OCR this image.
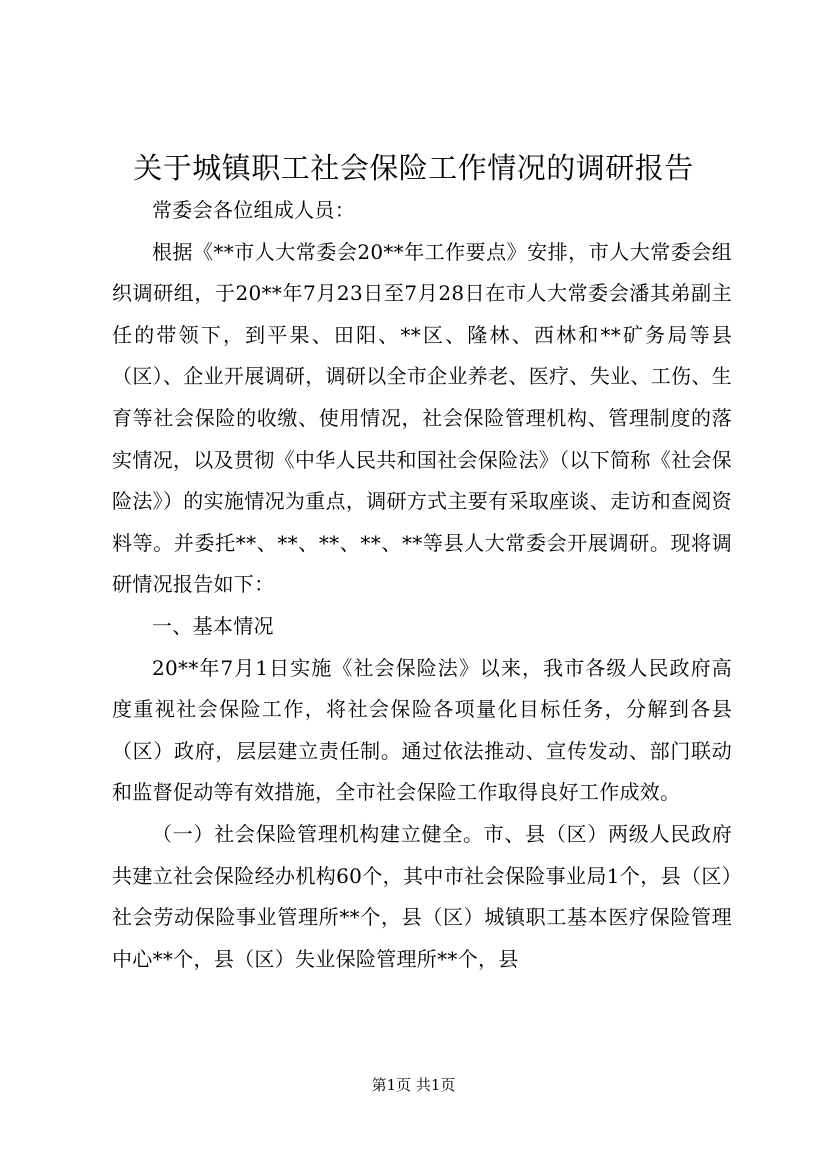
关于城镇职工社会保险工作情况的调研报告

常委会各位组成人员：

根据《**市人大常委会20**年工作要点》安排，市人大常委会组织调研组，于20**年7月23日至7月28日在市人大常委会潘其弟副主任的带领下，到平果、田阳、**区、隆林、西林和**矿务局等县（区）、企业开展调研，调研以全市企业养老、医疗、失业、工伤、生育等社会保险的收缴、使用情况，社会保险管理机构、管理制度的落实情况，以及贯彻《中华人民共和国社会保险法》（以下简称《社会保险法》）的实施情况为重点，调研方式主要有采取座谈、走访和查阅资料等。并委托**、**、**、**、**等县人大常委会开展调研。现将调研情况报告如下：

一、基本情况

20**年7月1日实施《社会保险法》以来，我市各级人民政府高度重视社会保险工作，将社会保险各项量化目标任务，分解到各县（区）政府，层层建立责任制。通过依法推动、宣传发动、部门联动和监督促动等有效措施，全市社会保险工作取得良好工作成效。

（一）社会保险管理机构建立健全。市、县（区）两级人民政府共建立社会保险经办机构60个，其中市社会保险事业局1个，县（区）社会劳动保险事业管理所**个，县（区）城镇职工基本医疗保险管理中心**个，县（区）失业保险管理所**个，县

第1页 共1页
